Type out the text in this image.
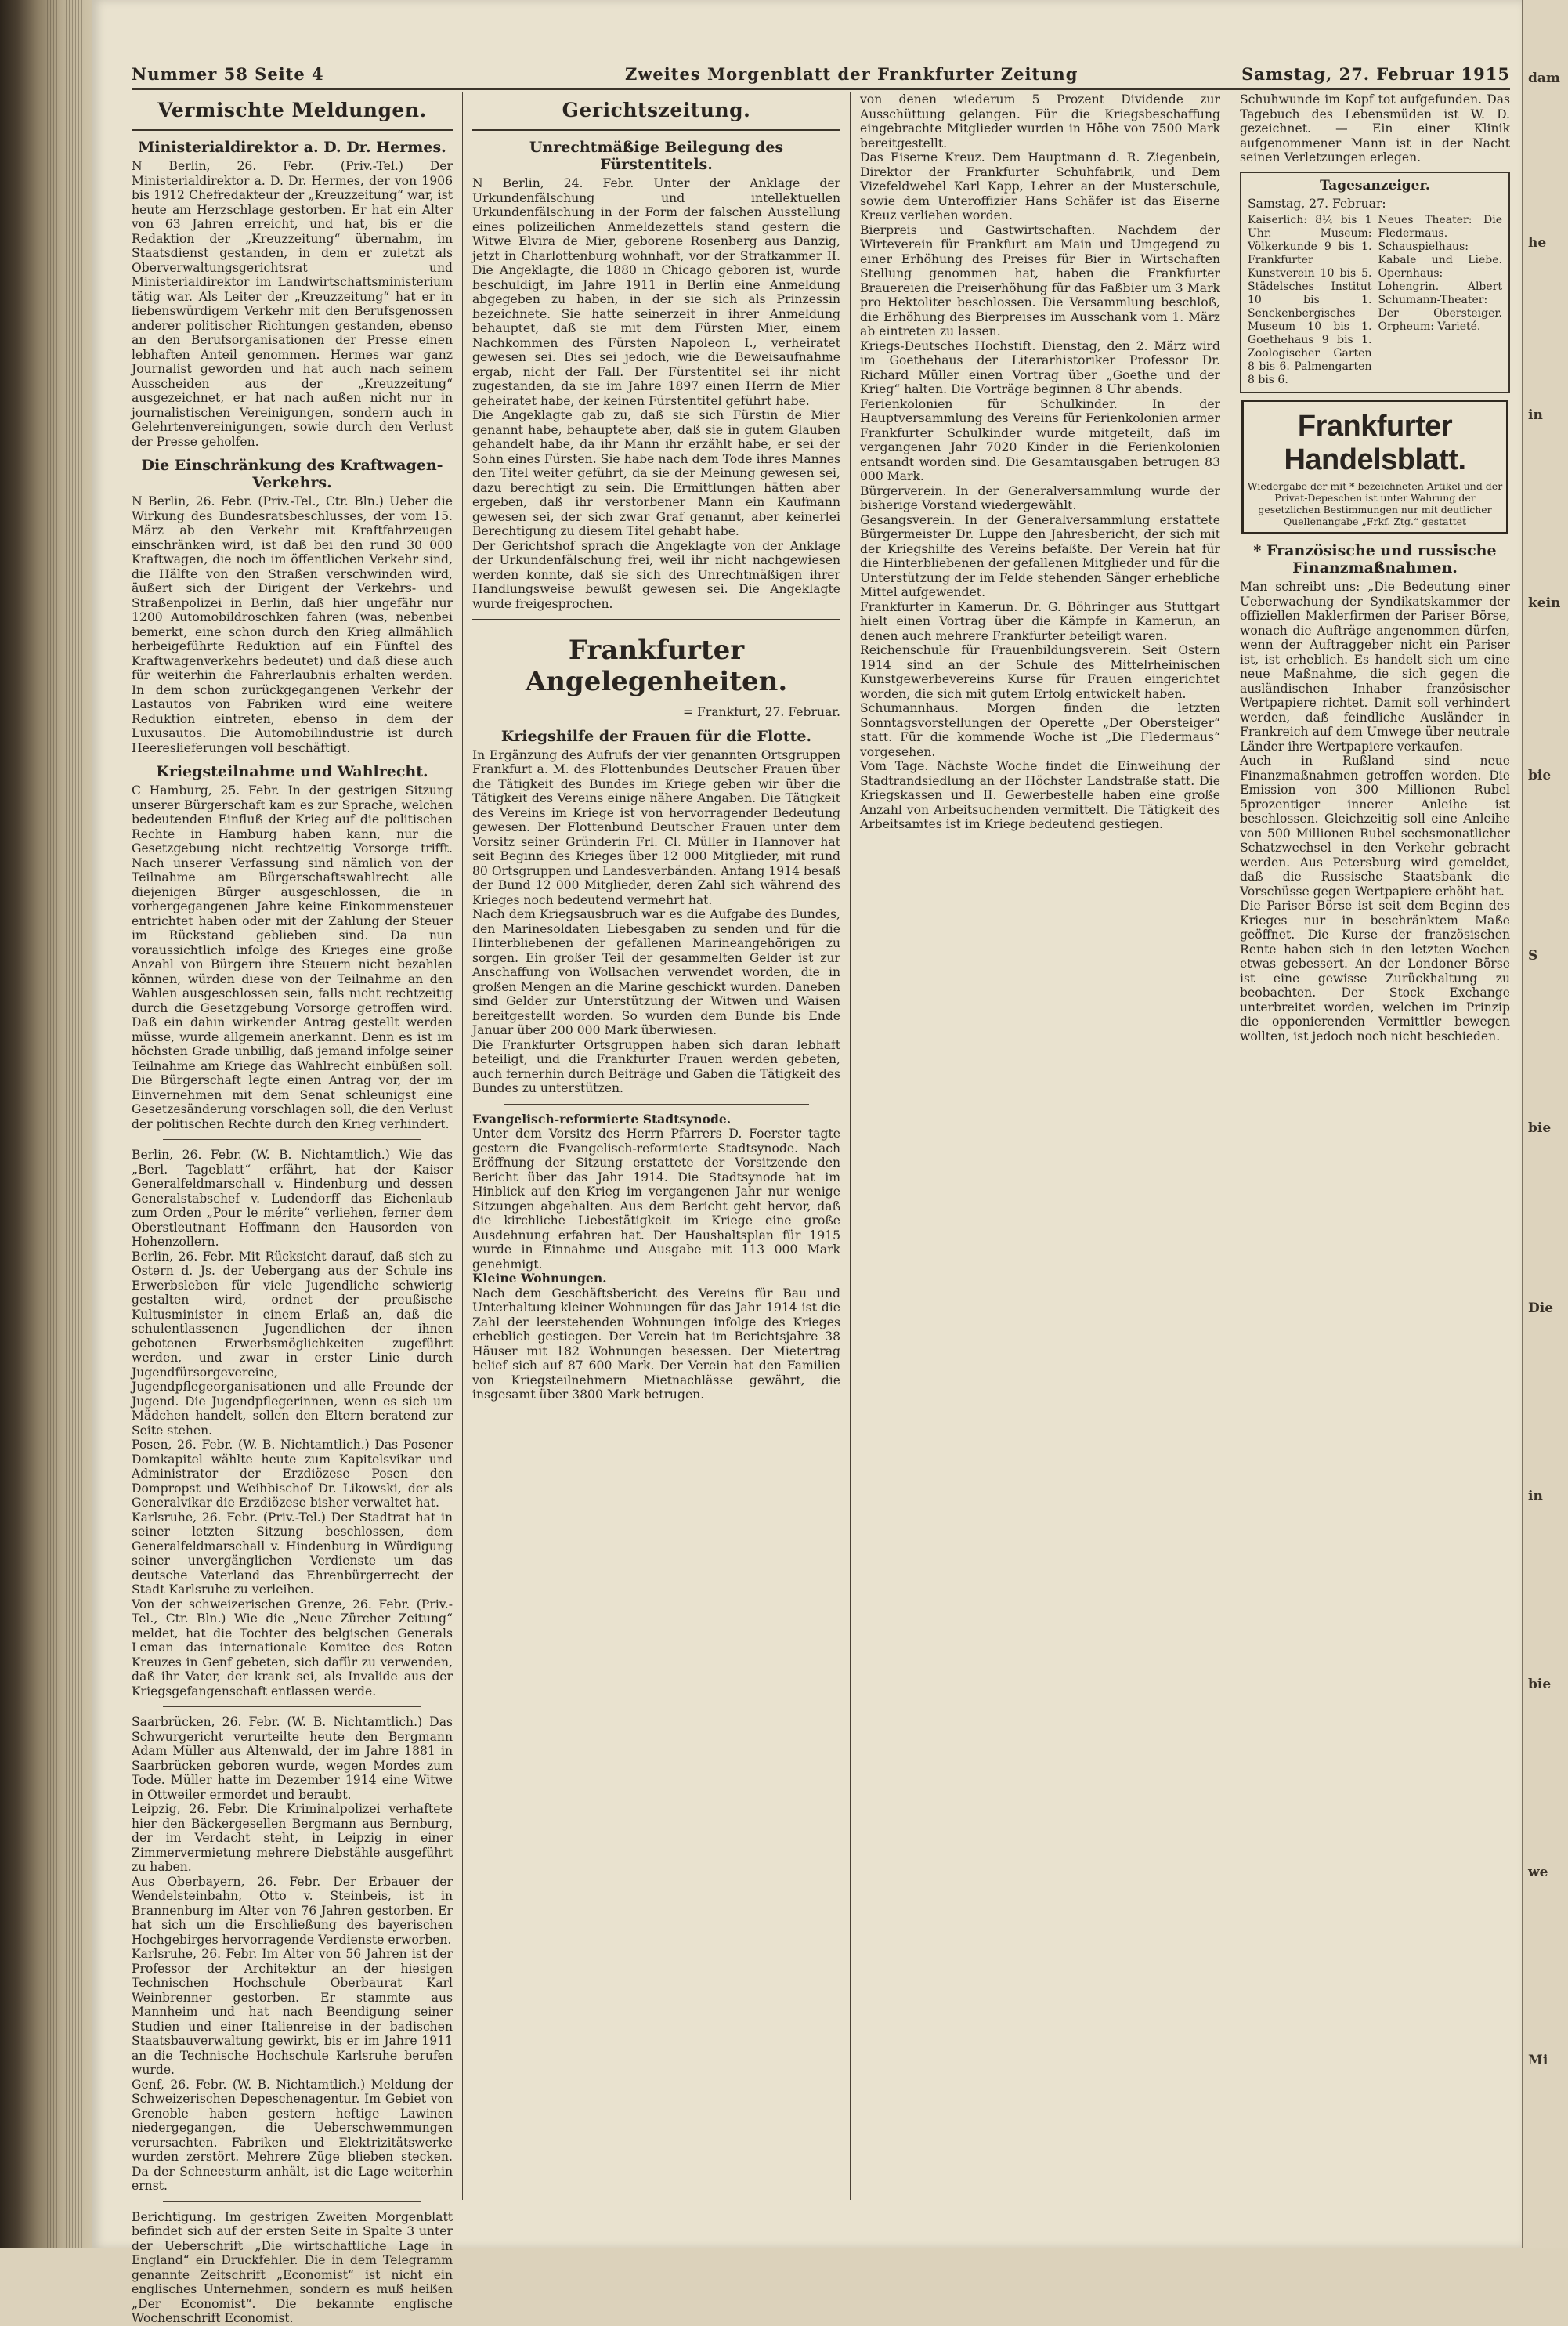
Nummer 58 Seite 4	Zweites Morgenblatt der Frankfurter Zeitung	Samstag, 27. Februar 1915
Vermischte Meldungen.
Ministerialdirektor a. D. Dr. Hermes.

N Berlin, 26. Febr. (Priv.-Tel.) Der Ministerialdirektor a. D. Dr. Hermes, der von 1906 bis 1912 Chefredakteur der „Kreuzzeitung“ war, ist heute am Herzschlage gestorben. Er hat ein Alter von 63 Jahren erreicht, und hat, bis er die Redaktion der „Kreuzzeitung“ übernahm, im Staatsdienst gestanden, in dem er zuletzt als Oberverwaltungsgerichtsrat und Ministerialdirektor im Landwirtschaftsministerium tätig war. Als Leiter der „Kreuzzeitung“ hat er in liebenswürdigem Verkehr mit den Berufsgenossen anderer politischer Richtungen gestanden, ebenso an den Berufsorganisationen der Presse einen lebhaften Anteil genommen. Hermes war ganz Journalist geworden und hat auch nach seinem Ausscheiden aus der „Kreuzzeitung“ ausgezeichnet, er hat nach außen nicht nur in journalistischen Vereinigungen, sondern auch in Gelehrtenvereinigungen, sowie durch den Verlust der Presse geholfen.

Die Einschränkung des Kraftwagen-Verkehrs.

N Berlin, 26. Febr. (Priv.-Tel., Ctr. Bln.) Ueber die Wirkung des Bundesratsbeschlusses, der vom 15. März ab den Verkehr mit Kraftfahrzeugen einschränken wird, ist daß bei den rund 30 000 Kraftwagen, die noch im öffentlichen Verkehr sind, die Hälfte von den Straßen verschwinden wird, äußert sich der Dirigent der Verkehrs- und Straßenpolizei in Berlin, daß hier ungefähr nur 1200 Automobildroschken fahren (was, nebenbei bemerkt, eine schon durch den Krieg allmählich herbeigeführte Reduktion auf ein Fünftel des Kraftwagenverkehrs bedeutet) und daß diese auch für weiterhin die Fahrerlaubnis erhalten werden. In dem schon zurückgegangenen Verkehr der Lastautos von Fabriken wird eine weitere Reduktion eintreten, ebenso in dem der Luxusautos. Die Automobilindustrie ist durch Heereslieferungen voll beschäftigt.

Kriegsteilnahme und Wahlrecht.

C Hamburg, 25. Febr. In der gestrigen Sitzung unserer Bürgerschaft kam es zur Sprache, welchen bedeutenden Einfluß der Krieg auf die politischen Rechte in Hamburg haben kann, nur die Gesetzgebung nicht rechtzeitig Vorsorge trifft. Nach unserer Verfassung sind nämlich von der Teilnahme am Bürgerschaftswahlrecht alle diejenigen Bürger ausgeschlossen, die in vorhergegangenen Jahre keine Einkommensteuer entrichtet haben oder mit der Zahlung der Steuer im Rückstand geblieben sind. Da nun voraussichtlich infolge des Krieges eine große Anzahl von Bürgern ihre Steuern nicht bezahlen können, würden diese von der Teilnahme an den Wahlen ausgeschlossen sein, falls nicht rechtzeitig durch die Gesetzgebung Vorsorge getroffen wird. Daß ein dahin wirkender Antrag gestellt werden müsse, wurde allgemein anerkannt. Denn es ist im höchsten Grade unbillig, daß jemand infolge seiner Teilnahme am Kriege das Wahlrecht einbüßen soll. Die Bürgerschaft legte einen Antrag vor, der im Einvernehmen mit dem Senat schleunigst eine Gesetzesänderung vorschlagen soll, die den Verlust der politischen Rechte durch den Krieg verhindert.

Berlin, 26. Febr. (W. B. Nichtamtlich.) Wie das „Berl. Tageblatt“ erfährt, hat der Kaiser Generalfeldmarschall v. Hindenburg und dessen Generalstabschef v. Ludendorff das Eichenlaub zum Orden „Pour le mérite“ verliehen, ferner dem Oberstleutnant Hoffmann den Hausorden von Hohenzollern.

Berlin, 26. Febr. Mit Rücksicht darauf, daß sich zu Ostern d. Js. der Uebergang aus der Schule ins Erwerbsleben für viele Jugendliche schwierig gestalten wird, ordnet der preußische Kultusminister in einem Erlaß an, daß die schulentlassenen Jugendlichen der ihnen gebotenen Erwerbsmöglichkeiten zugeführt werden, und zwar in erster Linie durch Jugendfürsorgevereine, Jugendpflegeorganisationen und alle Freunde der Jugend. Die Jugendpflegerinnen, wenn es sich um Mädchen handelt, sollen den Eltern beratend zur Seite stehen.

Posen, 26. Febr. (W. B. Nichtamtlich.) Das Posener Domkapitel wählte heute zum Kapitelsvikar und Administrator der Erzdiözese Posen den Dompropst und Weihbischof Dr. Likowski, der als Generalvikar die Erzdiözese bisher verwaltet hat.

Karlsruhe, 26. Febr. (Priv.-Tel.) Der Stadtrat hat in seiner letzten Sitzung beschlossen, dem Generalfeldmarschall v. Hindenburg in Würdigung seiner unvergänglichen Verdienste um das deutsche Vaterland das Ehrenbürgerrecht der Stadt Karlsruhe zu verleihen.

Von der schweizerischen Grenze, 26. Febr. (Priv.-Tel., Ctr. Bln.) Wie die „Neue Zürcher Zeitung“ meldet, hat die Tochter des belgischen Generals Leman das internationale Komitee des Roten Kreuzes in Genf gebeten, sich dafür zu verwenden, daß ihr Vater, der krank sei, als Invalide aus der Kriegsgefangenschaft entlassen werde.

Saarbrücken, 26. Febr. (W. B. Nichtamtlich.) Das Schwurgericht verurteilte heute den Bergmann Adam Müller aus Altenwald, der im Jahre 1881 in Saarbrücken geboren wurde, wegen Mordes zum Tode. Müller hatte im Dezember 1914 eine Witwe in Ottweiler ermordet und beraubt.

Leipzig, 26. Febr. Die Kriminalpolizei verhaftete hier den Bäckergesellen Bergmann aus Bernburg, der im Verdacht steht, in Leipzig in einer Zimmervermietung mehrere Diebstähle ausgeführt zu haben.

Aus Oberbayern, 26. Febr. Der Erbauer der Wendelsteinbahn, Otto v. Steinbeis, ist in Brannenburg im Alter von 76 Jahren gestorben. Er hat sich um die Erschließung des bayerischen Hochgebirges hervorragende Verdienste erworben.

Karlsruhe, 26. Febr. Im Alter von 56 Jahren ist der Professor der Architektur an der hiesigen Technischen Hochschule Oberbaurat Karl Weinbrenner gestorben. Er stammte aus Mannheim und hat nach Beendigung seiner Studien und einer Italienreise in der badischen Staatsbauverwaltung gewirkt, bis er im Jahre 1911 an die Technische Hochschule Karlsruhe berufen wurde.

Genf, 26. Febr. (W. B. Nichtamtlich.) Meldung der Schweizerischen Depeschenagentur. Im Gebiet von Grenoble haben gestern heftige Lawinen niedergegangen, die Ueberschwemmungen verursachten. Fabriken und Elektrizitätswerke wurden zerstört. Mehrere Züge blieben stecken. Da der Schneesturm anhält, ist die Lage weiterhin ernst.

Berichtigung. Im gestrigen Zweiten Morgenblatt befindet sich auf der ersten Seite in Spalte 3 unter der Ueberschrift „Die wirtschaftliche Lage in England“ ein Druckfehler. Die in dem Telegramm genannte Zeitschrift „Economist“ ist nicht ein englisches Unternehmen, sondern es muß heißen „Der Economist“. Die bekannte englische Wochenschrift Economist.

Gerichtszeitung.
Unrechtmäßige Beilegung des Fürstentitels.

N Berlin, 24. Febr. Unter der Anklage der Urkundenfälschung und intellektuellen Urkundenfälschung in der Form der falschen Ausstellung eines polizeilichen Anmeldezettels stand gestern die Witwe Elvira de Mier, geborene Rosenberg aus Danzig, jetzt in Charlottenburg wohnhaft, vor der Strafkammer II. Die Angeklagte, die 1880 in Chicago geboren ist, wurde beschuldigt, im Jahre 1911 in Berlin eine Anmeldung abgegeben zu haben, in der sie sich als Prinzessin bezeichnete. Sie hatte seinerzeit in ihrer Anmeldung behauptet, daß sie mit dem Fürsten Mier, einem Nachkommen des Fürsten Napoleon I., verheiratet gewesen sei. Dies sei jedoch, wie die Beweisaufnahme ergab, nicht der Fall. Der Fürstentitel sei ihr nicht zugestanden, da sie im Jahre 1897 einen Herrn de Mier geheiratet habe, der keinen Fürstentitel geführt habe.

Die Angeklagte gab zu, daß sie sich Fürstin de Mier genannt habe, behauptete aber, daß sie in gutem Glauben gehandelt habe, da ihr Mann ihr erzählt habe, er sei der Sohn eines Fürsten. Sie habe nach dem Tode ihres Mannes den Titel weiter geführt, da sie der Meinung gewesen sei, dazu berechtigt zu sein. Die Ermittlungen hätten aber ergeben, daß ihr verstorbener Mann ein Kaufmann gewesen sei, der sich zwar Graf genannt, aber keinerlei Berechtigung zu diesem Titel gehabt habe.

Der Gerichtshof sprach die Angeklagte von der Anklage der Urkundenfälschung frei, weil ihr nicht nachgewiesen werden konnte, daß sie sich des Unrechtmäßigen ihrer Handlungsweise bewußt gewesen sei. Die Angeklagte wurde freigesprochen.

Frankfurter Angelegenheiten.
= Frankfurt, 27. Februar.
Kriegshilfe der Frauen für die Flotte.

In Ergänzung des Aufrufs der vier genannten Ortsgruppen Frankfurt a. M. des Flottenbundes Deutscher Frauen über die Tätigkeit des Bundes im Kriege geben wir über die Tätigkeit des Vereins einige nähere Angaben. Die Tätigkeit des Vereins im Kriege ist von hervorragender Bedeutung gewesen. Der Flottenbund Deutscher Frauen unter dem Vorsitz seiner Gründerin Frl. Cl. Müller in Hannover hat seit Beginn des Krieges über 12 000 Mitglieder, mit rund 80 Ortsgruppen und Landesverbänden. Anfang 1914 besaß der Bund 12 000 Mitglieder, deren Zahl sich während des Krieges noch bedeutend vermehrt hat.

Nach dem Kriegsausbruch war es die Aufgabe des Bundes, den Marinesoldaten Liebesgaben zu senden und für die Hinterbliebenen der gefallenen Marineangehörigen zu sorgen. Ein großer Teil der gesammelten Gelder ist zur Anschaffung von Wollsachen verwendet worden, die in großen Mengen an die Marine geschickt wurden. Daneben sind Gelder zur Unterstützung der Witwen und Waisen bereitgestellt worden. So wurden dem Bunde bis Ende Januar über 200 000 Mark überwiesen.

Die Frankfurter Ortsgruppen haben sich daran lebhaft beteiligt, und die Frankfurter Frauen werden gebeten, auch fernerhin durch Beiträge und Gaben die Tätigkeit des Bundes zu unterstützen.

Evangelisch-reformierte Stadtsynode.

Unter dem Vorsitz des Herrn Pfarrers D. Foerster tagte gestern die Evangelisch-reformierte Stadtsynode. Nach Eröffnung der Sitzung erstattete der Vorsitzende den Bericht über das Jahr 1914. Die Stadtsynode hat im Hinblick auf den Krieg im vergangenen Jahr nur wenige Sitzungen abgehalten. Aus dem Bericht geht hervor, daß die kirchliche Liebestätigkeit im Kriege eine große Ausdehnung erfahren hat. Der Haushaltsplan für 1915 wurde in Einnahme und Ausgabe mit 113 000 Mark genehmigt.

Kleine Wohnungen.

Nach dem Geschäftsbericht des Vereins für Bau und Unterhaltung kleiner Wohnungen für das Jahr 1914 ist die Zahl der leerstehenden Wohnungen infolge des Krieges erheblich gestiegen. Der Verein hat im Berichtsjahre 38 Häuser mit 182 Wohnungen besessen. Der Mietertrag belief sich auf 87 600 Mark. Der Verein hat den Familien von Kriegsteilnehmern Mietnachlässe gewährt, die insgesamt über 3800 Mark betrugen.

von denen wiederum 5 Prozent Dividende zur Ausschüttung gelangen. Für die Kriegsbeschaffung eingebrachte Mitglieder wurden in Höhe von 7500 Mark bereitgestellt.

Das Eiserne Kreuz. Dem Hauptmann d. R. Ziegenbein, Direktor der Frankfurter Schuhfabrik, und Dem Vizefeldwebel Karl Kapp, Lehrer an der Musterschule, sowie dem Unteroffizier Hans Schäfer ist das Eiserne Kreuz verliehen worden.

Bierpreis und Gastwirtschaften. Nachdem der Wirteverein für Frankfurt am Main und Umgegend zu einer Erhöhung des Preises für Bier in Wirtschaften Stellung genommen hat, haben die Frankfurter Brauereien die Preiserhöhung für das Faßbier um 3 Mark pro Hektoliter beschlossen. Die Versammlung beschloß, die Erhöhung des Bierpreises im Ausschank vom 1. März ab eintreten zu lassen.

Kriegs-Deutsches Hochstift. Dienstag, den 2. März wird im Goethehaus der Literarhistoriker Professor Dr. Richard Müller einen Vortrag über „Goethe und der Krieg“ halten. Die Vorträge beginnen 8 Uhr abends.

Ferienkolonien für Schulkinder. In der Hauptversammlung des Vereins für Ferienkolonien armer Frankfurter Schulkinder wurde mitgeteilt, daß im vergangenen Jahr 7020 Kinder in die Ferienkolonien entsandt worden sind. Die Gesamtausgaben betrugen 83 000 Mark.

Bürgerverein. In der Generalversammlung wurde der bisherige Vorstand wiedergewählt.

Gesangsverein. In der Generalversammlung erstattete Bürgermeister Dr. Luppe den Jahresbericht, der sich mit der Kriegshilfe des Vereins befaßte. Der Verein hat für die Hinterbliebenen der gefallenen Mitglieder und für die Unterstützung der im Felde stehenden Sänger erhebliche Mittel aufgewendet.

Frankfurter in Kamerun. Dr. G. Böhringer aus Stuttgart hielt einen Vortrag über die Kämpfe in Kamerun, an denen auch mehrere Frankfurter beteiligt waren.

Reichenschule für Frauenbildungsverein. Seit Ostern 1914 sind an der Schule des Mittelrheinischen Kunstgewerbevereins Kurse für Frauen eingerichtet worden, die sich mit gutem Erfolg entwickelt haben.

Schumannhaus. Morgen finden die letzten Sonntagsvorstellungen der Operette „Der Obersteiger“ statt. Für die kommende Woche ist „Die Fledermaus“ vorgesehen.

Vom Tage. Nächste Woche findet die Einweihung der Stadtrandsiedlung an der Höchster Landstraße statt. Die Kriegskassen und II. Gewerbestelle haben eine große Anzahl von Arbeitsuchenden vermittelt. Die Tätigkeit des Arbeitsamtes ist im Kriege bedeutend gestiegen.

Schuhwunde im Kopf tot aufgefunden. Das Tagebuch des Lebensmüden ist W. D. gezeichnet. — Ein einer Klinik aufgenommener Mann ist in der Nacht seinen Verletzungen erlegen.

Tagesanzeiger.
Samstag, 27. Februar:
Kaiserlich: 8¼ bis 1 Uhr. Museum: Völkerkunde 9 bis 1. Frankfurter Kunstverein 10 bis 5. Städelsches Institut 10 bis 1. Senckenbergisches Museum 10 bis 1. Goethehaus 9 bis 1. Zoologischer Garten 8 bis 6. Palmengarten 8 bis 6.
Neues Theater: Die Fledermaus. Schauspielhaus: Kabale und Liebe. Opernhaus: Lohengrin. Albert Schumann-Theater: Der Obersteiger. Orpheum: Varieté.
Frankfurter Handelsblatt.
Wiedergabe der mit * bezeichneten Artikel und der Privat-Depeschen ist unter Wahrung der gesetzlichen Bestimmungen nur mit deutlicher Quellenangabe „Frkf. Ztg.“ gestattet
* Französische und russische Finanzmaßnahmen.

Man schreibt uns: „Die Bedeutung einer Ueberwachung der Syndikatskammer der offiziellen Maklerfirmen der Pariser Börse, wonach die Aufträge angenommen dürfen, wenn der Auftraggeber nicht ein Pariser ist, ist erheblich. Es handelt sich um eine neue Maßnahme, die sich gegen die ausländischen Inhaber französischer Wertpapiere richtet. Damit soll verhindert werden, daß feindliche Ausländer in Frankreich auf dem Umwege über neutrale Länder ihre Wertpapiere verkaufen.

Auch in Rußland sind neue Finanzmaßnahmen getroffen worden. Die Emission von 300 Millionen Rubel 5prozentiger innerer Anleihe ist beschlossen. Gleichzeitig soll eine Anleihe von 500 Millionen Rubel sechsmonatlicher Schatzwechsel in den Verkehr gebracht werden. Aus Petersburg wird gemeldet, daß die Russische Staatsbank die Vorschüsse gegen Wertpapiere erhöht hat.

Die Pariser Börse ist seit dem Beginn des Krieges nur in beschränktem Maße geöffnet. Die Kurse der französischen Rente haben sich in den letzten Wochen etwas gebessert. An der Londoner Börse ist eine gewisse Zurückhaltung zu beobachten. Der Stock Exchange unterbreitet worden, welchen im Prinzip die opponierenden Vermittler bewegen wollten, ist jedoch noch nicht beschieden.

dam
he
in
kein
bie
S
bie
Die
in
bie
we
Mi
